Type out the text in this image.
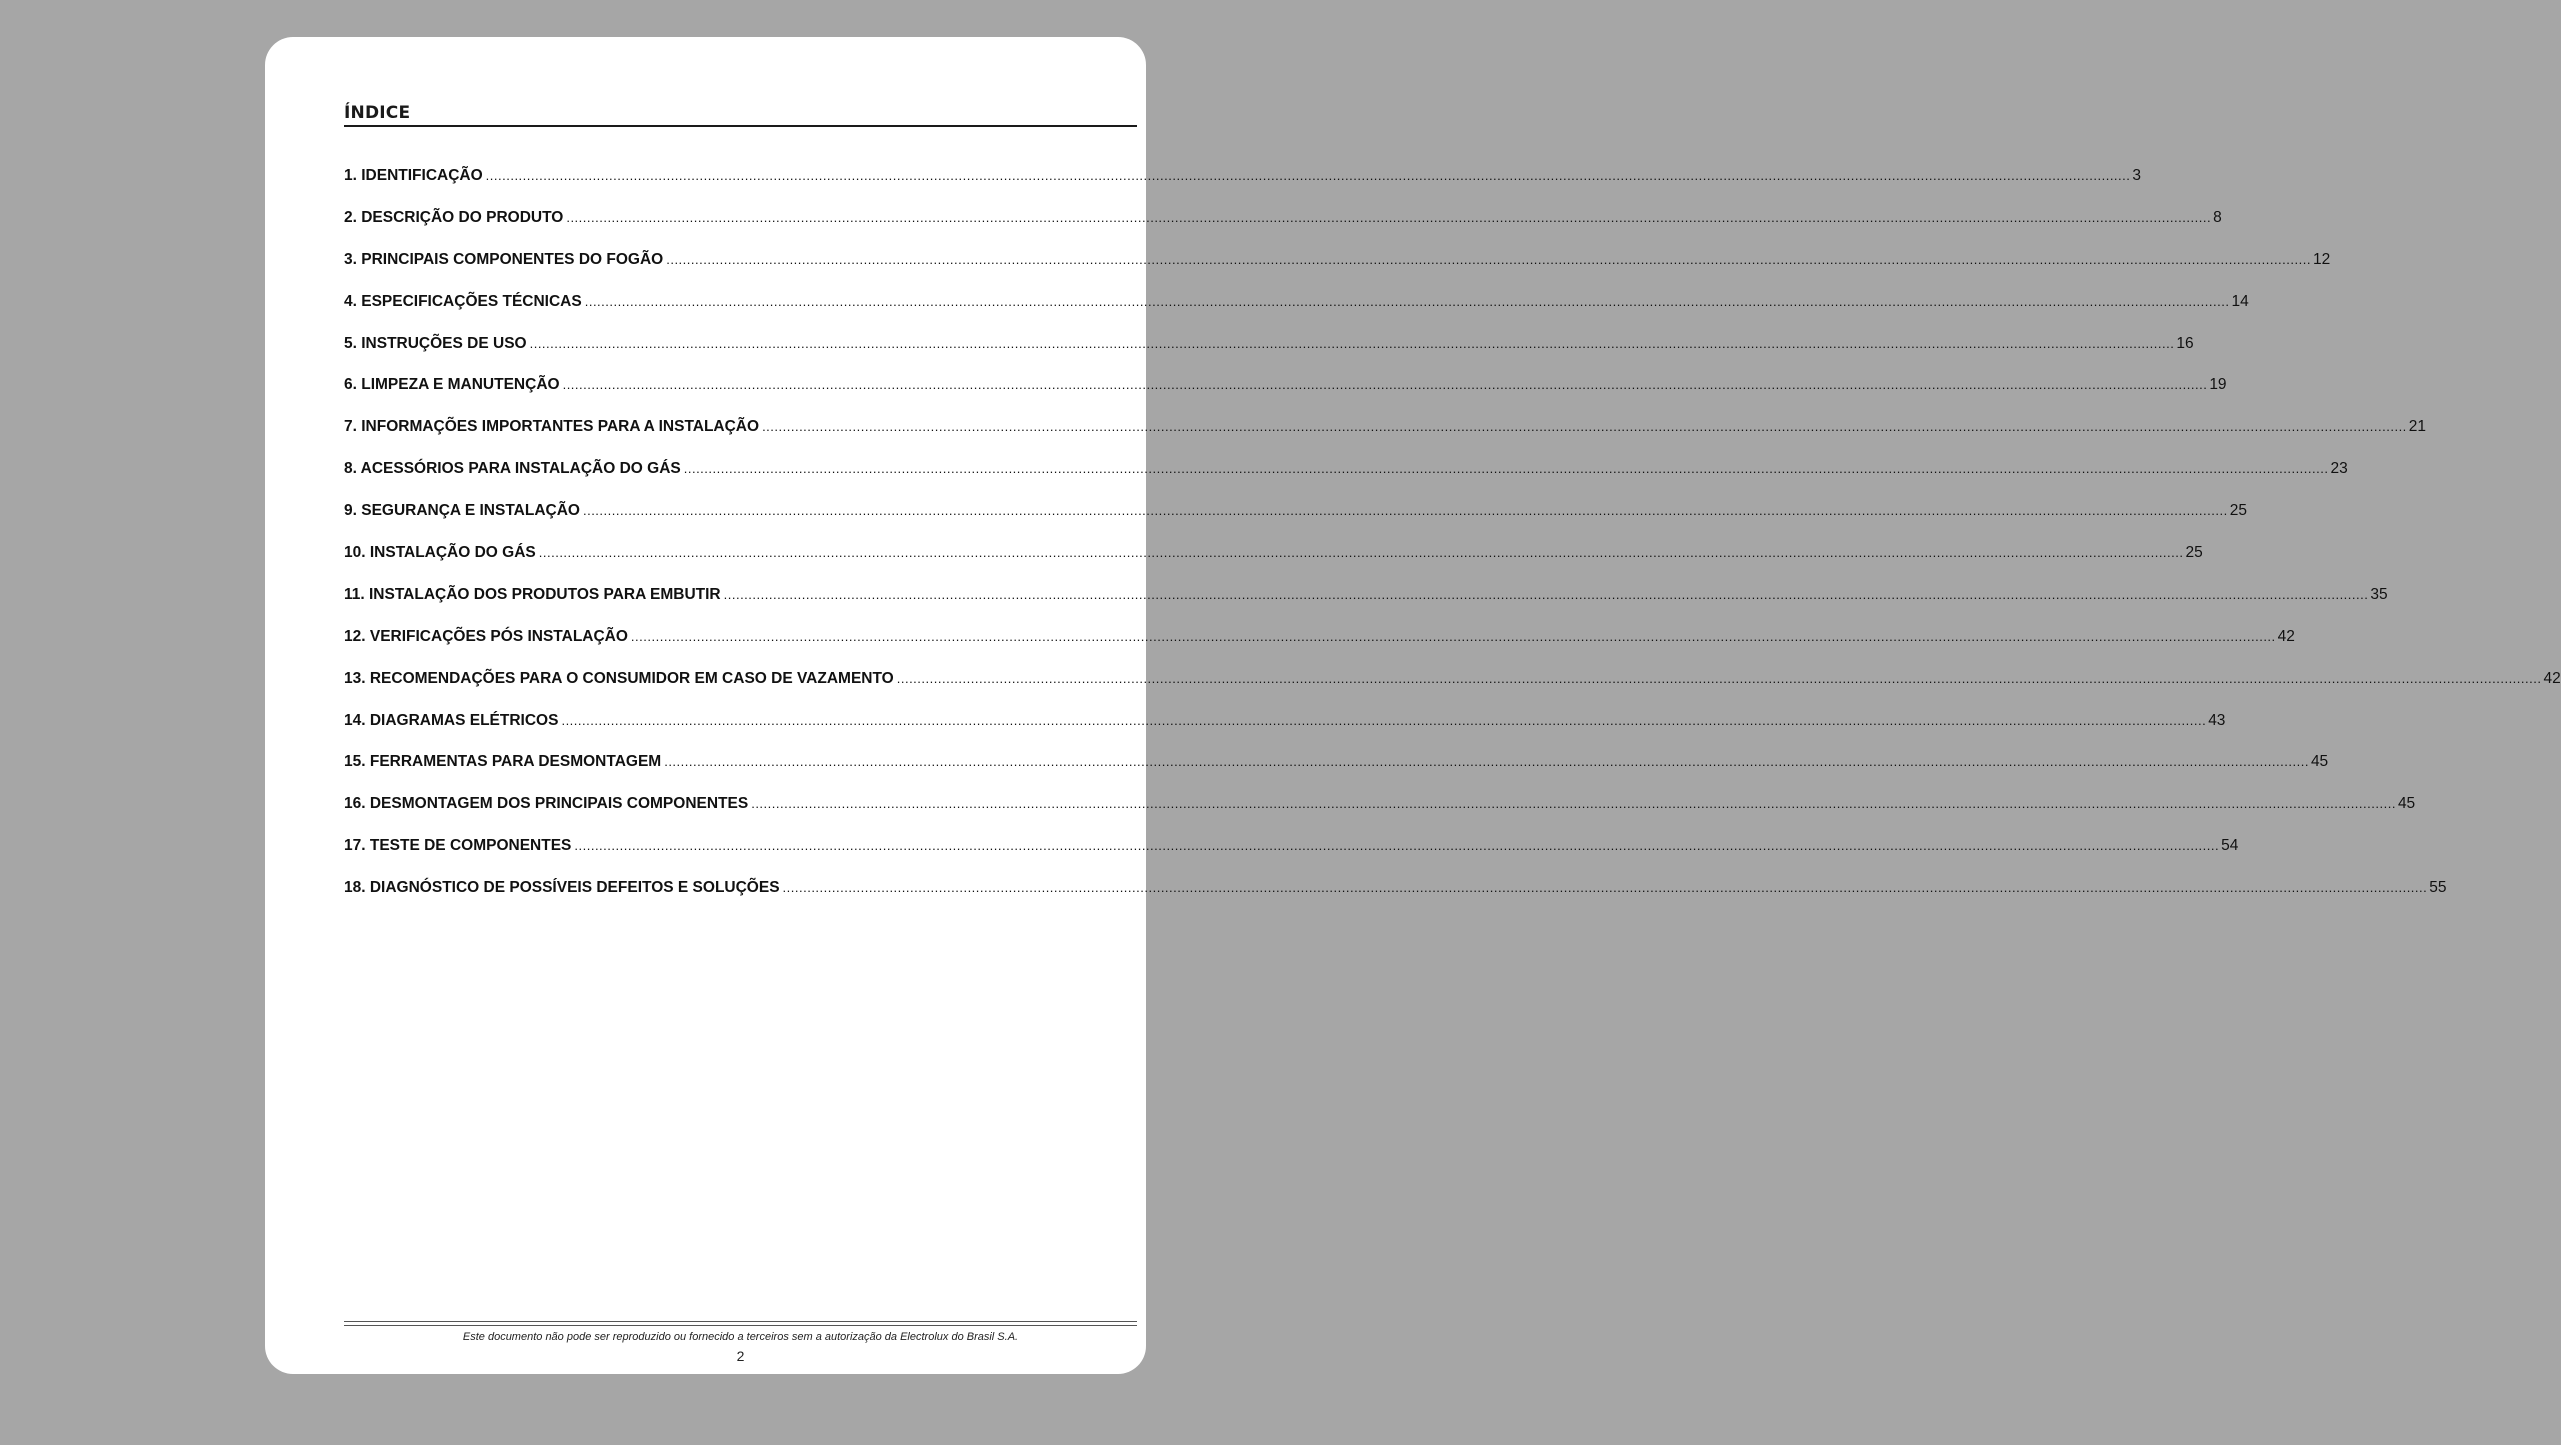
ÍNDICE
1. IDENTIFICAÇÃO ................................................................................................................................................................................................................................................................................................................................................................................................................ 3
2. DESCRIÇÃO DO PRODUTO ................................................................................................................................................................................................................................................................................................................................................................................................................ 8
3. PRINCIPAIS COMPONENTES DO FOGÃO ................................................................................................................................................................................................................................................................................................................................................................................................................ 12
4. ESPECIFICAÇÕES TÉCNICAS ................................................................................................................................................................................................................................................................................................................................................................................................................ 14
5. INSTRUÇÕES DE USO ................................................................................................................................................................................................................................................................................................................................................................................................................ 16
6. LIMPEZA E MANUTENÇÃO ................................................................................................................................................................................................................................................................................................................................................................................................................ 19
7. INFORMAÇÕES IMPORTANTES PARA A INSTALAÇÃO ................................................................................................................................................................................................................................................................................................................................................................................................................ 21
8. ACESSÓRIOS PARA INSTALAÇÃO DO GÁS ................................................................................................................................................................................................................................................................................................................................................................................................................ 23
9. SEGURANÇA E INSTALAÇÃO ................................................................................................................................................................................................................................................................................................................................................................................................................ 25
10. INSTALAÇÃO DO GÁS ................................................................................................................................................................................................................................................................................................................................................................................................................ 25
11. INSTALAÇÃO DOS PRODUTOS PARA EMBUTIR ................................................................................................................................................................................................................................................................................................................................................................................................................ 35
12. VERIFICAÇÕES PÓS INSTALAÇÃO ................................................................................................................................................................................................................................................................................................................................................................................................................ 42
13. RECOMENDAÇÕES PARA O CONSUMIDOR EM CASO DE VAZAMENTO ................................................................................................................................................................................................................................................................................................................................................................................................................ 42
14. DIAGRAMAS ELÉTRICOS ................................................................................................................................................................................................................................................................................................................................................................................................................ 43
15. FERRAMENTAS PARA DESMONTAGEM ................................................................................................................................................................................................................................................................................................................................................................................................................ 45
16. DESMONTAGEM DOS PRINCIPAIS COMPONENTES ................................................................................................................................................................................................................................................................................................................................................................................................................ 45
17. TESTE DE COMPONENTES ................................................................................................................................................................................................................................................................................................................................................................................................................ 54
18. DIAGNÓSTICO DE POSSÍVEIS DEFEITOS E SOLUÇÕES ................................................................................................................................................................................................................................................................................................................................................................................................................ 55
Este documento não pode ser reproduzido ou fornecido a terceiros sem a autorização da Electrolux do Brasil S.A.
2
